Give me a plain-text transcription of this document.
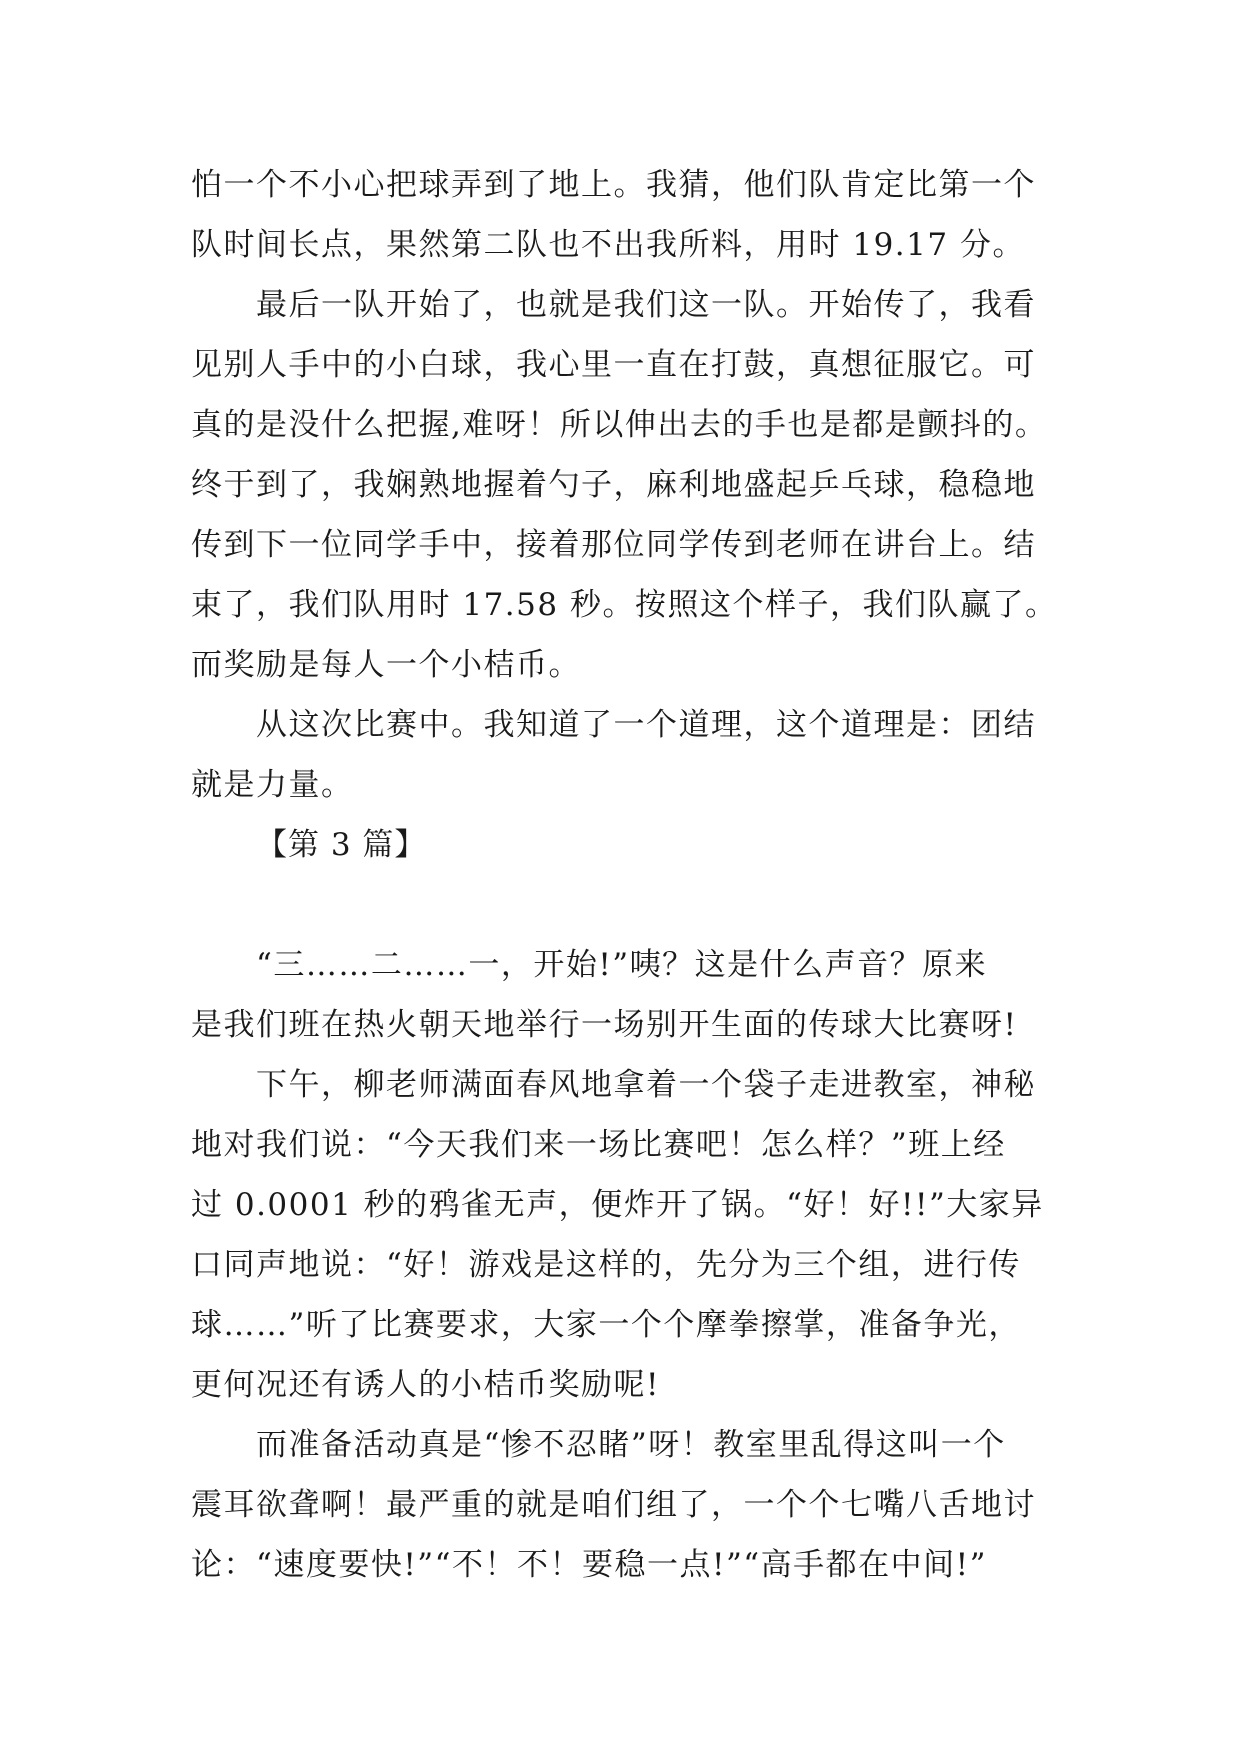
怕一个不小心把球弄到了地上。我猜，他们队肯定比第一个
队时间长点，果然第二队也不出我所料，用时 19.17 分。
最后一队开始了，也就是我们这一队。开始传了，我看
见别人手中的小白球，我心里一直在打鼓，真想征服它。可
真的是没什么把握,难呀！所以伸出去的手也是都是颤抖的。
终于到了，我娴熟地握着勺子，麻利地盛起乒乓球，稳稳地
传到下一位同学手中，接着那位同学传到老师在讲台上。结
束了，我们队用时 17.58 秒。按照这个样子，我们队赢了。
而奖励是每人一个小桔币。
从这次比赛中。我知道了一个道理，这个道理是：团结
就是力量。
【第 3 篇】
“三……二……一，开始!”咦？这是什么声音？原来
是我们班在热火朝天地举行一场别开生面的传球大比赛呀!
下午，柳老师满面春风地拿着一个袋子走进教室，神秘
地对我们说：“今天我们来一场比赛吧！怎么样？”班上经
过 0.0001 秒的鸦雀无声，便炸开了锅。“好！好!!”大家异
口同声地说：“好！游戏是这样的，先分为三个组，进行传
球……”听了比赛要求，大家一个个摩拳擦掌，准备争光，
更何况还有诱人的小桔币奖励呢!
而准备活动真是“惨不忍睹”呀！教室里乱得这叫一个
震耳欲聋啊！最严重的就是咱们组了，一个个七嘴八舌地讨
论：“速度要快!”“不！不！要稳一点!”“高手都在中间!”
